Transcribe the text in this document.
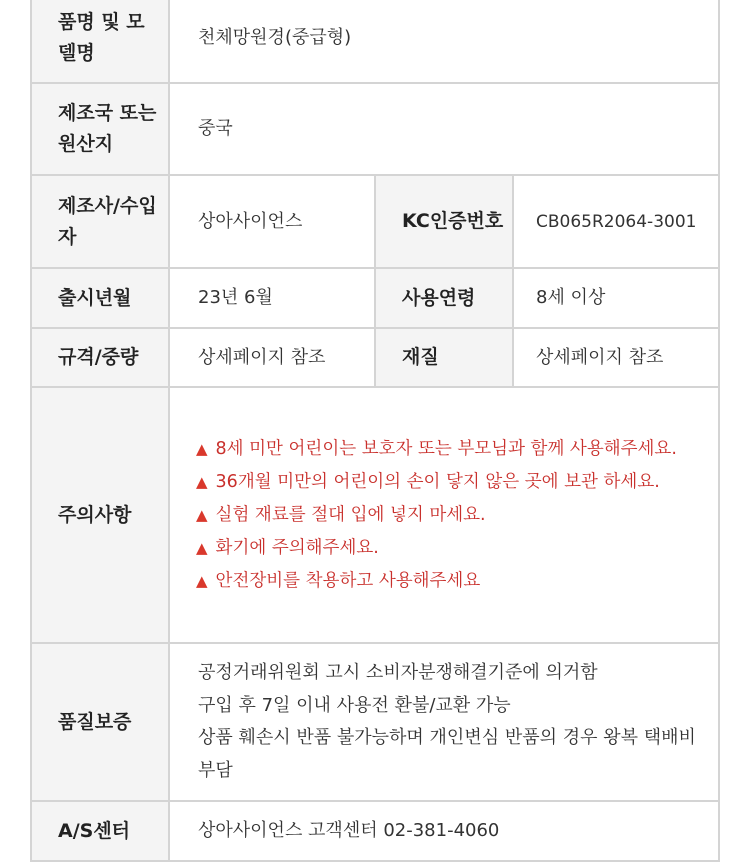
품명 및 모델명	천체망원경(중급형)		
제조국 또는 원산지	중국		
제조사/수입자	상아사이언스	KC인증번호	CB065R2064-3001
출시년월	23년 6월	사용연령	8세 이상
규격/중량	상세페이지 참조	재질	상세페이지 참조
주의사항	▲ 8세 미만 어린이는 보호자 또는 부모님과 함께 사용해주세요.
▲ 36개월 미만의 어린이의 손이 닿지 않은 곳에 보관 하세요.
▲ 실험 재료를 절대 입에 넣지 마세요.
▲ 화기에 주의해주세요.
▲ 안전장비를 착용하고 사용해주세요		

품질보증	공정거래위원회 고시 소비자분쟁해결기준에 의거함
구입 후 7일 이내 사용전 환불/교환 가능
상품 훼손시 반품 불가능하며 개인변심 반품의 경우 왕복 택배비 부담		

A/S센터	상아사이언스 고객센터 02-381-4060		
